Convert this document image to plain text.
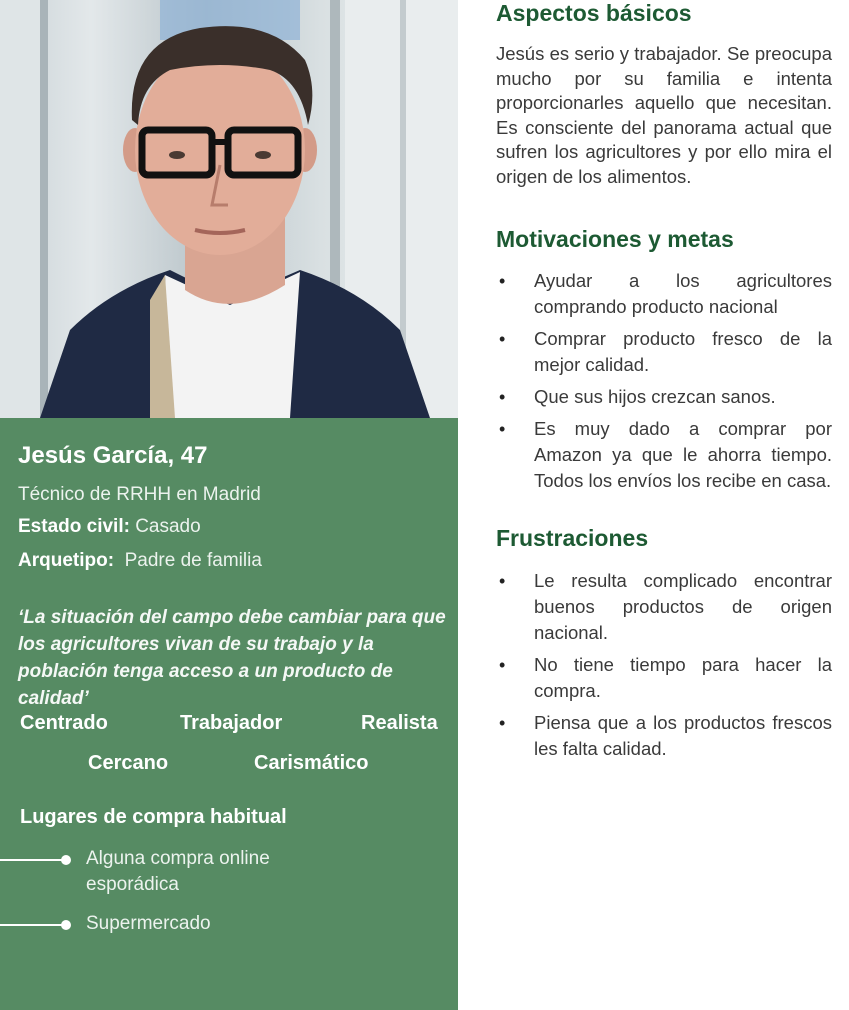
Jesús García, 47
Técnico de RRHH en Madrid
Estado civil: Casado
Arquetipo: Padre de familia
‘La situación del campo debe cambiar para que los agricultores vivan de su trabajo y la población tenga acceso a un producto de calidad’
Centrado	Trabajador	Realista
Cercano	Carismático
Lugares de compra habitual
Alguna compra online esporádica
Supermercado
Aspectos básicos
Jesús es serio y trabajador. Se preocupa mucho por su familia e intenta proporcionarles aquello que necesitan. Es consciente del panorama actual que sufren los agricultores y por ello mira el origen de los alimentos.
Motivaciones y metas
• Ayudar a los agricultores comprando producto nacional
• Comprar producto fresco de la mejor calidad.
• Que sus hijos crezcan sanos.
• Es muy dado a comprar por Amazon ya que le ahorra tiempo. Todos los envíos los recibe en casa.
Frustraciones
• Le resulta complicado encontrar buenos productos de origen nacional.
• No tiene tiempo para hacer la compra.
• Piensa que a los productos frescos les falta calidad.
